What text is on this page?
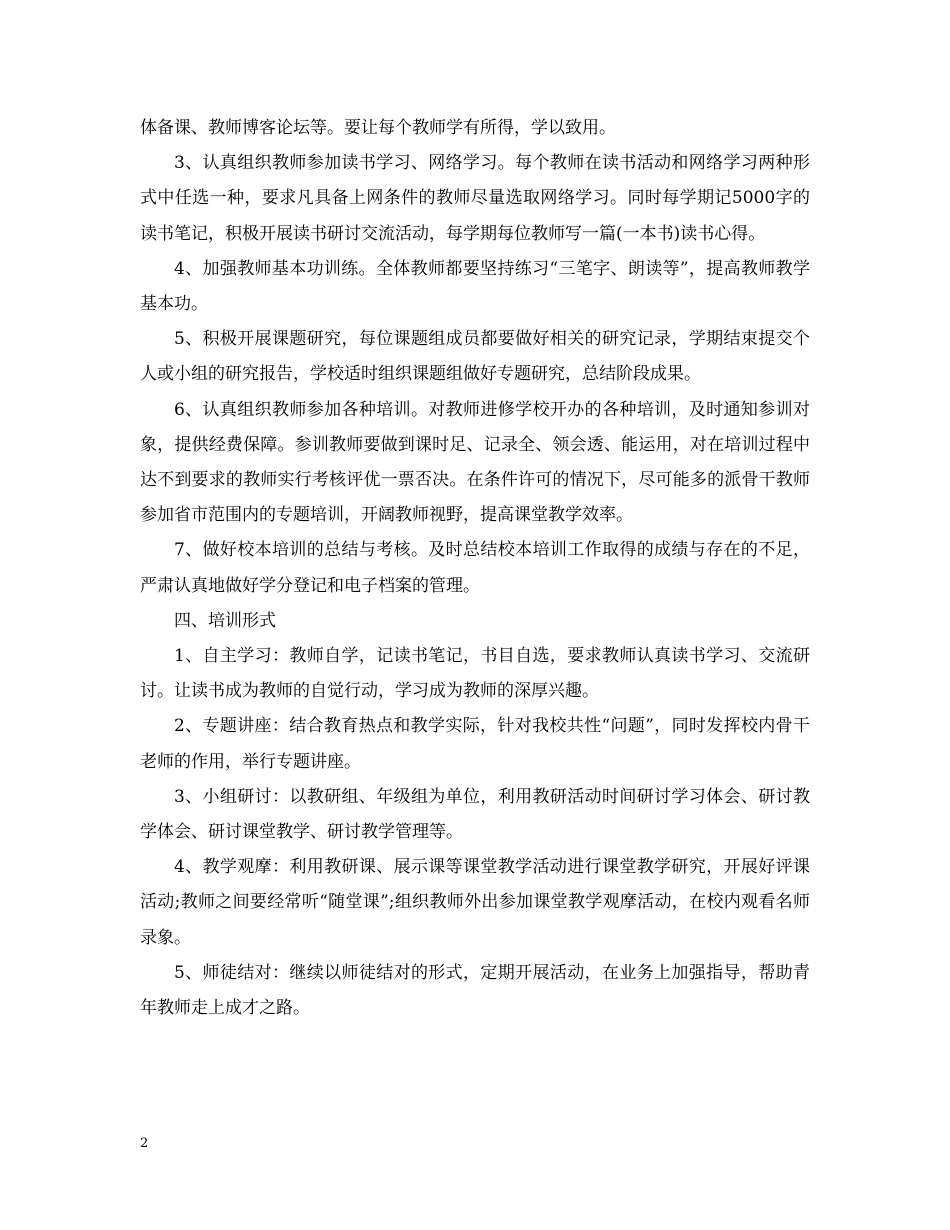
体备课、教师博客论坛等。要让每个教师学有所得，学以致用。

3、认真组织教师参加读书学习、网络学习。每个教师在读书活动和网络学习两种形式中任选一种，要求凡具备上网条件的教师尽量选取网络学习。同时每学期记5000字的读书笔记，积极开展读书研讨交流活动，每学期每位教师写一篇(一本书)读书心得。

4、加强教师基本功训练。全体教师都要坚持练习“三笔字、朗读等”，提高教师教学基本功。

5、积极开展课题研究，每位课题组成员都要做好相关的研究记录，学期结束提交个人或小组的研究报告，学校适时组织课题组做好专题研究，总结阶段成果。

6、认真组织教师参加各种培训。对教师进修学校开办的各种培训，及时通知参训对象，提供经费保障。参训教师要做到课时足、记录全、领会透、能运用，对在培训过程中达不到要求的教师实行考核评优一票否决。在条件许可的情况下，尽可能多的派骨干教师参加省市范围内的专题培训，开阔教师视野，提高课堂教学效率。

7、做好校本培训的总结与考核。及时总结校本培训工作取得的成绩与存在的不足，严肃认真地做好学分登记和电子档案的管理。

四、培训形式

1、自主学习：教师自学，记读书笔记，书目自选，要求教师认真读书学习、交流研讨。让读书成为教师的自觉行动，学习成为教师的深厚兴趣。

2、专题讲座：结合教育热点和教学实际，针对我校共性“问题”，同时发挥校内骨干老师的作用，举行专题讲座。

3、小组研讨：以教研组、年级组为单位，利用教研活动时间研讨学习体会、研讨教学体会、研讨课堂教学、研讨教学管理等。

4、教学观摩：利用教研课、展示课等课堂教学活动进行课堂教学研究，开展好评课活动;教师之间要经常听“随堂课”;组织教师外出参加课堂教学观摩活动，在校内观看名师录象。

5、师徒结对：继续以师徒结对的形式，定期开展活动，在业务上加强指导，帮助青年教师走上成才之路。

2
